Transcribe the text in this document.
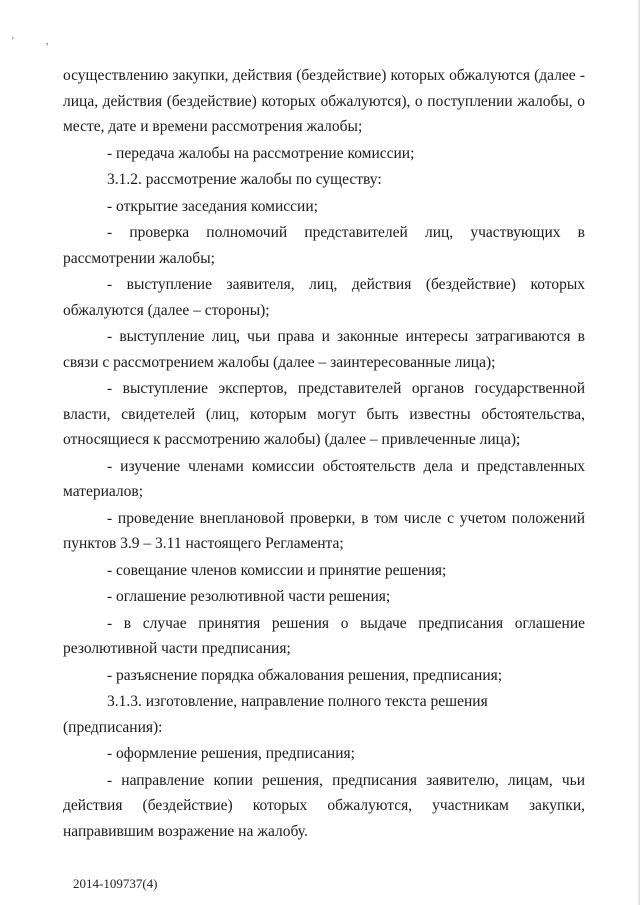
'	,

осуществлению закупки, действия (бездействие) которых обжалуются (далее - лица, действия (бездействие) которых обжалуются), о поступлении жалобы, о месте, дате и времени рассмотрения жалобы;

- передача жалобы на рассмотрение комиссии;

3.1.2. рассмотрение жалобы по существу:

- открытие заседания комиссии;

- проверка полномочий представителей лиц, участвующих в рассмотрении жалобы;

- выступление заявителя, лиц, действия (бездействие) которых обжалуются (далее – стороны);

- выступление лиц, чьи права и законные интересы затрагиваются в связи с рассмотрением жалобы (далее – заинтересованные лица);

- выступление экспертов, представителей органов государственной власти, свидетелей (лиц, которым могут быть известны обстоятельства, относящиеся к рассмотрению жалобы) (далее – привлеченные лица);

- изучение членами комиссии обстоятельств дела и представленных материалов;

- проведение внеплановой проверки, в том числе с учетом положений пунктов 3.9 – 3.11 настоящего Регламента;

- совещание членов комиссии и принятие решения;

- оглашение резолютивной части решения;

- в случае принятия решения о выдаче предписания оглашение резолютивной части предписания;

- разъяснение порядка обжалования решения, предписания;

3.1.3. изготовление, направление полного текста решения (предписания):

- оформление решения, предписания;

- направление копии решения, предписания заявителю, лицам, чьи действия (бездействие) которых обжалуются, участникам закупки, направившим возражение на жалобу.

2014-109737(4)
